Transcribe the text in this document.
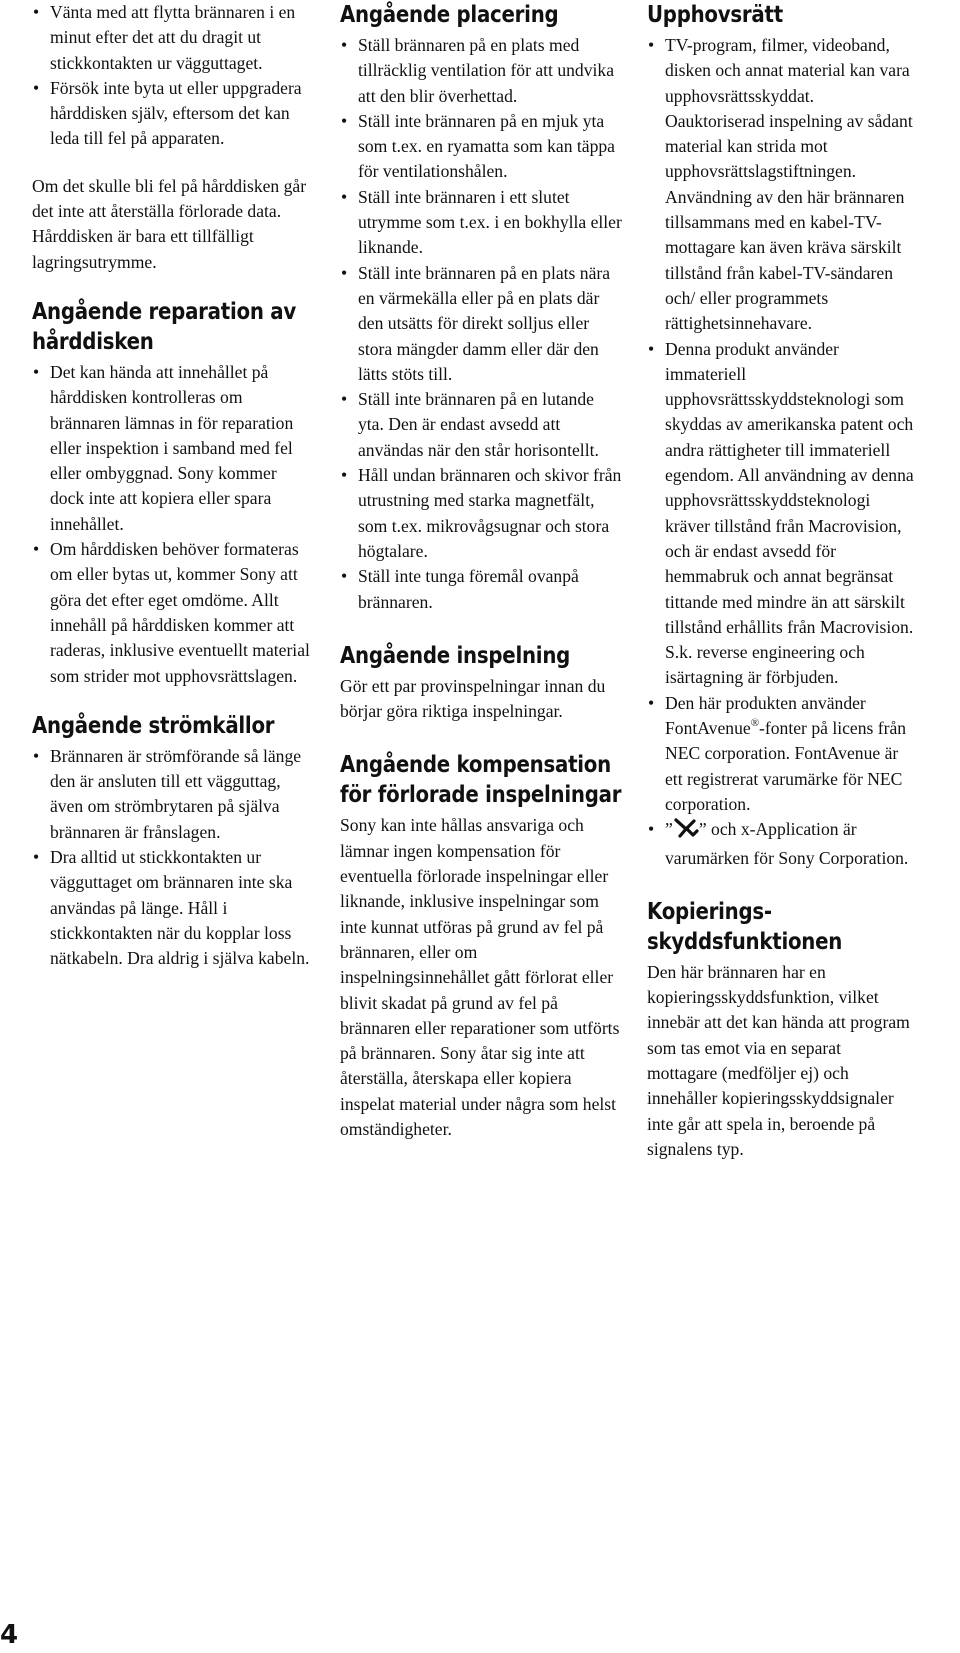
• Vänta med att flytta brännaren i en minut efter det att du dragit ut stickkontakten ur vägguttaget.
• Försök inte byta ut eller uppgradera hårddisken själv, eftersom det kan leda till fel på apparaten.

Om det skulle bli fel på hårddisken går det inte att återställa förlorade data. Hårddisken är bara ett tillfälligt lagringsutrymme.

Angående reparation av hårddisken
• Det kan hända att innehållet på hårddisken kontrolleras om brännaren lämnas in för reparation eller inspektion i samband med fel eller ombyggnad. Sony kommer dock inte att kopiera eller spara innehållet.
• Om hårddisken behöver formateras om eller bytas ut, kommer Sony att göra det efter eget omdöme. Allt innehåll på hårddisken kommer att raderas, inklusive eventuellt material som strider mot upphovsrättslagen.
Angående strömkällor
• Brännaren är strömförande så länge den är ansluten till ett vägguttag, även om strömbrytaren på själva brännaren är frånslagen.
• Dra alltid ut stickkontakten ur vägguttaget om brännaren inte ska användas på länge. Håll i stickkontakten när du kopplar loss nätkabeln. Dra aldrig i själva kabeln.
Angående placering
• Ställ brännaren på en plats med tillräcklig ventilation för att undvika att den blir överhettad.
• Ställ inte brännaren på en mjuk yta som t.ex. en ryamatta som kan täppa för ventilationshålen.
• Ställ inte brännaren i ett slutet utrymme som t.ex. i en bokhylla eller liknande.
• Ställ inte brännaren på en plats nära en värmekälla eller på en plats där den utsätts för direkt solljus eller stora mängder damm eller där den lätts stöts till.
• Ställ inte brännaren på en lutande yta. Den är endast avsedd att användas när den står horisontellt.
• Håll undan brännaren och skivor från utrustning med starka magnetfält, som t.ex. mikrovågsugnar och stora högtalare.
• Ställ inte tunga föremål ovanpå brännaren.
Angående inspelning

Gör ett par provinspelningar innan du börjar göra riktiga inspelningar.

Angående kompensation för förlorade inspelningar

Sony kan inte hållas ansvariga och lämnar ingen kompensation för eventuella förlorade inspelningar eller liknande, inklusive inspelningar som inte kunnat utföras på grund av fel på brännaren, eller om inspelningsinnehållet gått förlorat eller blivit skadat på grund av fel på brännaren eller reparationer som utförts på brännaren. Sony åtar sig inte att återställa, återskapa eller kopiera inspelat material under några som helst omständigheter.

Upphovsrätt
• TV-program, filmer, videoband, disken och annat material kan vara upphovsrättsskyddat. Oauktoriserad inspelning av sådant material kan strida mot upphovsrättslagstiftningen. Användning av den här brännaren tillsammans med en kabel-TV-mottagare kan även kräva särskilt tillstånd från kabel-TV-sändaren och/ eller programmets rättighetsinnehavare.
• Denna produkt använder immateriell upphovsrättsskyddsteknologi som skyddas av amerikanska patent och andra rättigheter till immateriell egendom. All användning av denna upphovsrättsskyddsteknologi kräver tillstånd från Macrovision, och är endast avsedd för hemmabruk och annat begränsat tittande med mindre än att särskilt tillstånd erhållits från Macrovision. S.k. reverse engineering och isärtagning är förbjuden.
• Den här produkten använder FontAvenue®-fonter på licens från NEC corporation. FontAvenue är ett registrerat varumärke för NEC corporation.
• ” ” och x-Application är varumärken för Sony Corporation.
Kopierings-
skyddsfunktionen

Den här brännaren har en kopieringsskyddsfunktion, vilket innebär att det kan hända att program som tas emot via en separat mottagare (medföljer ej) och innehåller kopieringsskyddsignaler inte går att spela in, beroende på signalens typ.

4
